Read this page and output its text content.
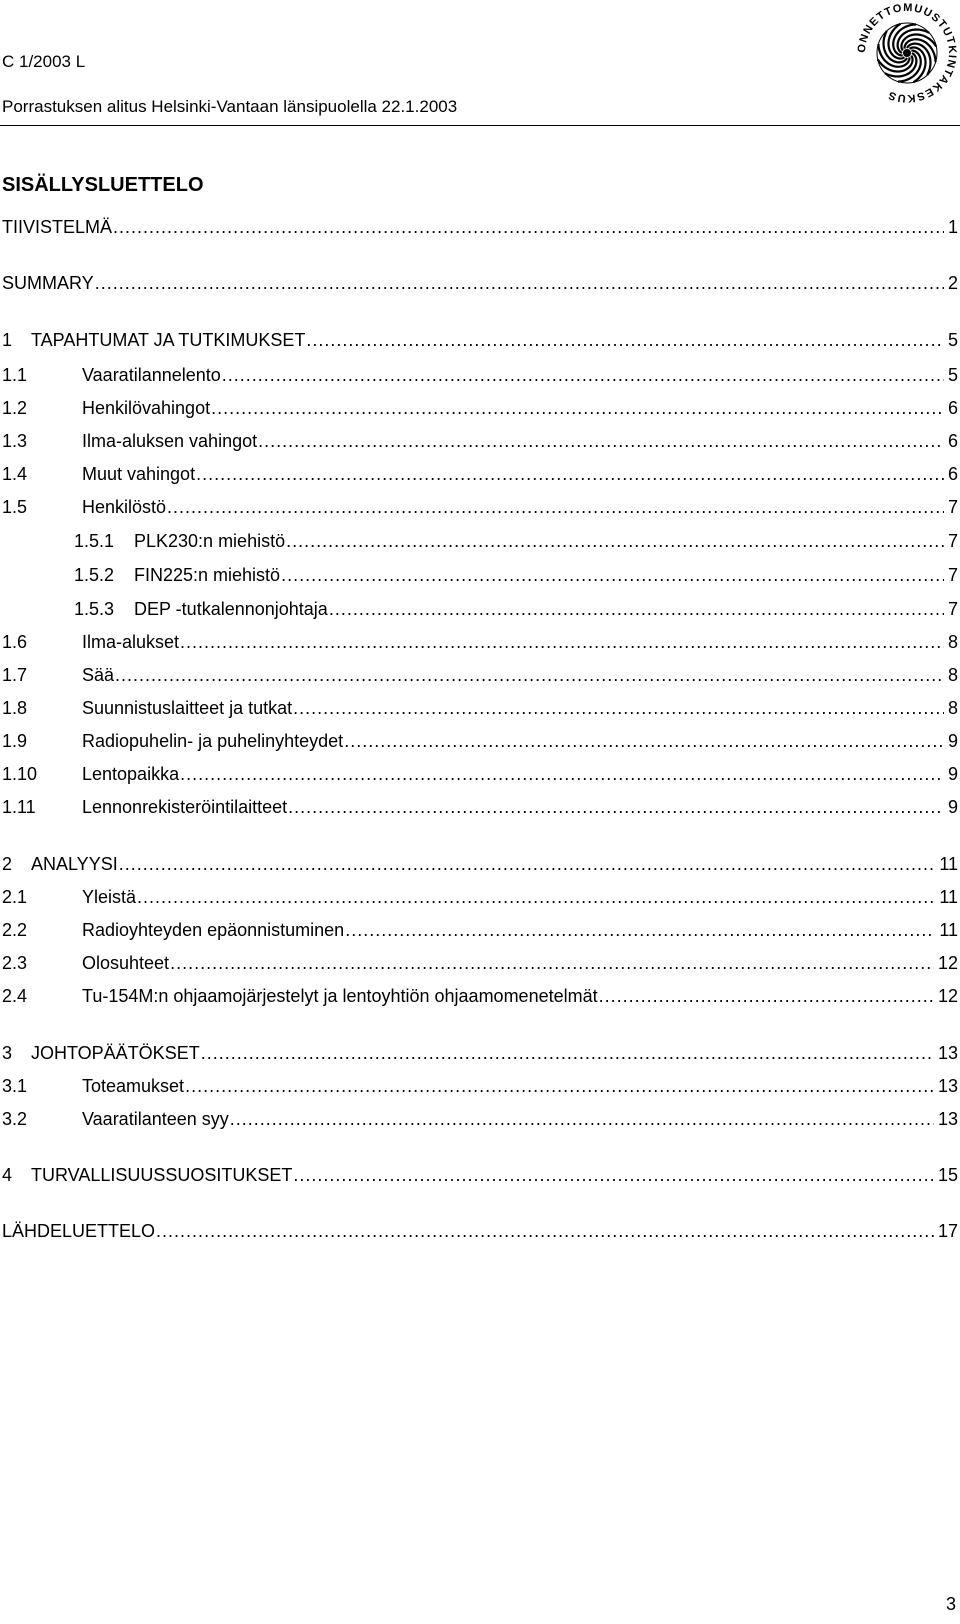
C 1/2003 L
Porrastuksen alitus Helsinki-Vantaan länsipuolella 22.1.2003
ONNETTOMUUSTUTKINTAKESKUS
SISÄLLYSLUETTELO
TIIVISTELMÄ . . .	1
SUMMARY . . .	2
1 TAPAHTUMAT JA TUTKIMUKSET . . .	5
1.1	Vaaratilannelento . . .	5
1.2	Henkilövahingot . . .	6
1.3	Ilma-aluksen vahingot . . .	6
1.4	Muut vahingot . . .	6
1.5	Henkilöstö . . .	7
1.5.1 PLK230:n miehistö . . .	7
1.5.2 FIN225:n miehistö . . .	7
1.5.3 DEP -tutkalennonjohtaja . . .	7
1.6	Ilma-alukset . . .	8
1.7	Sää . . .	8
1.8	Suunnistuslaitteet ja tutkat . . .	8
1.9	Radiopuhelin- ja puhelinyhteydet . . .	9
1.10 Lentopaikka . . .	9
1.11	Lennonrekisteröintilaitteet . . .	9
2 ANALYYSI . . .	11
2.1	Yleistä . . .	11
2.2	Radioyhteyden epäonnistuminen . . .	11
2.3	Olosuhteet . . .	12
2.4	Tu-154M:n ohjaamojärjestelyt ja lentoyhtiön ohjaamomenetelmät . . .	12
3 JOHTOPÄÄTÖKSET . . .	13
3.1	Toteamukset . . .	13
3.2	Vaaratilanteen syy . . .	13
4 TURVALLISUUSSUOSITUKSET . . .	15
LÄHDELUETTELO . . .	17
3
